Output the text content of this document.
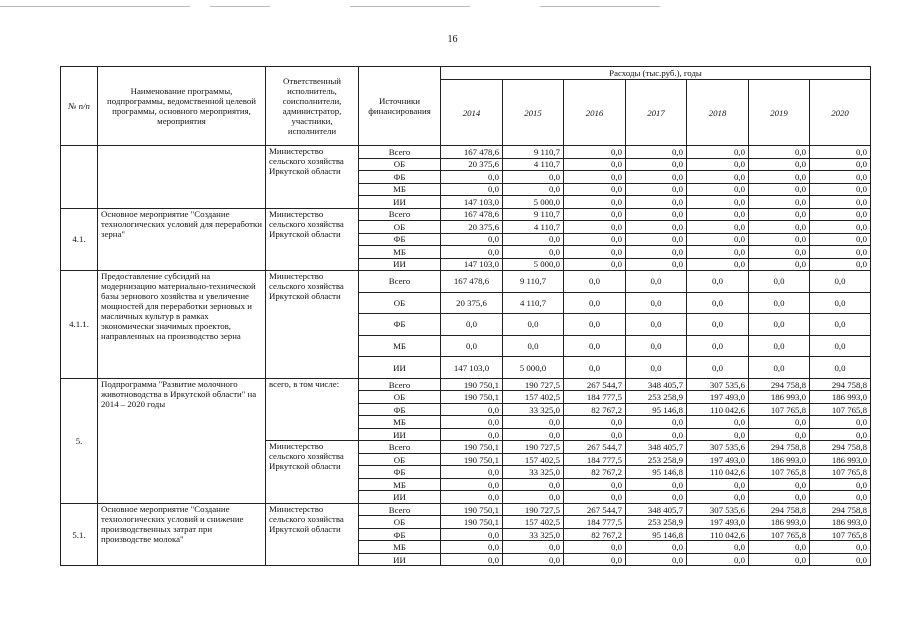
16
№ п/п	Наименование программы, подпрограммы, ведомственной целевой программы, основного мероприятия, мероприятия	Ответственный исполнитель, соисполнители, администратор, участники, исполнители	Источники финансирования	Расходы (тыс.руб.), годы						
				2014	2015	2016	2017	2018	2019	2020
		Министерство сельского хозяйства Иркутской области	Всего	167 478,6	9 110,7	0,0	0,0	0,0	0,0	0,0
			ОБ	20 375,6	4 110,7	0,0	0,0	0,0	0,0	0,0
			ФБ	0,0	0,0	0,0	0,0	0,0	0,0	0,0
			МБ	0,0	0,0	0,0	0,0	0,0	0,0	0,0
			ИИ	147 103,0	5 000,0	0,0	0,0	0,0	0,0	0,0
4.1.	Основное мероприятие "Создание технологических условий для переработки зерна"	Министерство сельского хозяйства Иркутской области	Всего	167 478,6	9 110,7	0,0	0,0	0,0	0,0	0,0
			ОБ	20 375,6	4 110,7	0,0	0,0	0,0	0,0	0,0
			ФБ	0,0	0,0	0,0	0,0	0,0	0,0	0,0
			МБ	0,0	0,0	0,0	0,0	0,0	0,0	0,0
			ИИ	147 103,0	5 000,0	0,0	0,0	0,0	0,0	0,0
4.1.1.	Предоставление субсидий на модернизацию материально-технической базы зернового хозяйства и увеличение мощностей для переработки зерновых и масличных культур в рамках экономически значимых проектов, направленных на производство зерна	Министерство сельского хозяйства Иркутской области	Всего	167 478,6	9 110,7	0,0	0,0	0,0	0,0	0,0
			ОБ	20 375,6	4 110,7	0,0	0,0	0,0	0,0	0,0
			ФБ	0,0	0,0	0,0	0,0	0,0	0,0	0,0
			МБ	0,0	0,0	0,0	0,0	0,0	0,0	0,0
			ИИ	147 103,0	5 000,0	0,0	0,0	0,0	0,0	0,0
5.	Подпрограмма "Развитие молочного животноводства в Иркутской области" на 2014 – 2020 годы	всего, в том числе:	Всего	190 750,1	190 727,5	267 544,7	348 405,7	307 535,6	294 758,8	294 758,8
			ОБ	190 750,1	157 402,5	184 777,5	253 258,9	197 493,0	186 993,0	186 993,0
			ФБ	0,0	33 325,0	82 767,2	95 146,8	110 042,6	107 765,8	107 765,8
			МБ	0,0	0,0	0,0	0,0	0,0	0,0	0,0
			ИИ	0,0	0,0	0,0	0,0	0,0	0,0	0,0
		Министерство сельского хозяйства Иркутской области	Всего	190 750,1	190 727,5	267 544,7	348 405,7	307 535,6	294 758,8	294 758,8
			ОБ	190 750,1	157 402,5	184 777,5	253 258,9	197 493,0	186 993,0	186 993,0
			ФБ	0,0	33 325,0	82 767,2	95 146,8	110 042,6	107 765,8	107 765,8
			МБ	0,0	0,0	0,0	0,0	0,0	0,0	0,0
			ИИ	0,0	0,0	0,0	0,0	0,0	0,0	0,0
5.1.	Основное мероприятие "Создание технологических условий и снижение производственных затрат при производстве молока"	Министерство сельского хозяйства Иркутской области	Всего	190 750,1	190 727,5	267 544,7	348 405,7	307 535,6	294 758,8	294 758,8
			ОБ	190 750,1	157 402,5	184 777,5	253 258,9	197 493,0	186 993,0	186 993,0
			ФБ	0,0	33 325,0	82 767,2	95 146,8	110 042,6	107 765,8	107 765,8
			МБ	0,0	0,0	0,0	0,0	0,0	0,0	0,0
			ИИ	0,0	0,0	0,0	0,0	0,0	0,0	0,0
